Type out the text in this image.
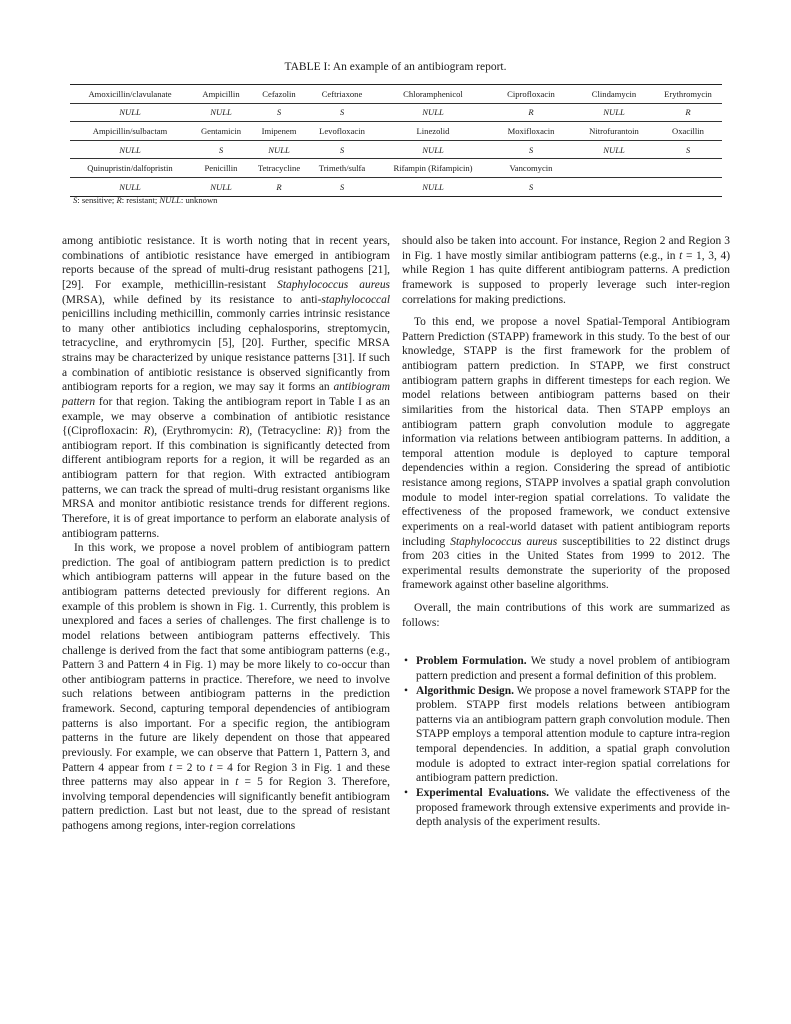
TABLE I: An example of an antibiogram report.
Amoxicillin/clavulanate	Ampicillin	Cefazolin	Ceftriaxone	Chloramphenicol	Ciprofloxacin	Clindamycin	Erythromycin
NULL	NULL	S	S	NULL	R	NULL	R
Ampicillin/sulbactam	Gentamicin	Imipenem	Levofloxacin	Linezolid	Moxifloxacin	Nitrofurantoin	Oxacillin
NULL	S	NULL	S	NULL	S	NULL	S
Quinupristin/dalfopristin	Penicillin	Tetracycline	Trimeth/sulfa	Rifampin (Rifampicin)	Vancomycin		
NULL	NULL	R	S	NULL	S		
S: sensitive; R: resistant; NULL: unknown

among antibiotic resistance. It is worth noting that in recent years, combinations of antibiotic resistance have emerged in antibiogram reports because of the spread of multi-drug resistant pathogens [21], [29]. For example, methicillin-resistant Staphylococcus aureus (MRSA), while defined by its resistance to anti-staphylococcal penicillins including methicillin, commonly carries intrinsic resistance to many other antibiotics including cephalosporins, streptomycin, tetracycline, and erythromycin [5], [20]. Further, specific MRSA strains may be characterized by unique resistance patterns [31]. If such a combination of antibiotic resistance is observed significantly from antibiogram reports for a region, we may say it forms an antibiogram pattern for that region. Taking the antibiogram report in Table I as an example, we may observe a combination of antibiotic resistance {(Ciprofloxacin: R), (Erythromycin: R), (Tetracycline: R)} from the antibiogram report. If this combination is significantly detected from different antibiogram reports for a region, it will be regarded as an antibiogram pattern for that region. With extracted antibiogram patterns, we can track the spread of multi-drug resistant organisms like MRSA and monitor antibiotic resistance trends for different regions. Therefore, it is of great importance to perform an elaborate analysis of antibiogram patterns.

In this work, we propose a novel problem of antibiogram pattern prediction. The goal of antibiogram pattern prediction is to predict which antibiogram patterns will appear in the future based on the antibiogram patterns detected previously for different regions. An example of this problem is shown in Fig. 1. Currently, this problem is unexplored and faces a series of challenges. The first challenge is to model relations between antibiogram patterns effectively. This challenge is derived from the fact that some antibiogram patterns (e.g., Pattern 3 and Pattern 4 in Fig. 1) may be more likely to co-occur than other antibiogram patterns in practice. Therefore, we need to involve such relations between antibiogram patterns in the prediction framework. Second, capturing temporal dependencies of antibiogram patterns is also important. For a specific region, the antibiogram patterns in the future are likely dependent on those that appeared previously. For example, we can observe that Pattern 1, Pattern 3, and Pattern 4 appear from t = 2 to t = 4 for Region 3 in Fig. 1 and these three patterns may also appear in t = 5 for Region 3. Therefore, involving temporal dependencies will significantly benefit antibiogram pattern prediction. Last but not least, due to the spread of resistant pathogens among regions, inter-region correlations

should also be taken into account. For instance, Region 2 and Region 3 in Fig. 1 have mostly similar antibiogram patterns (e.g., in t = 1, 3, 4) while Region 1 has quite different antibiogram patterns. A prediction framework is supposed to properly leverage such inter-region correlations for making predictions.

To this end, we propose a novel Spatial-Temporal Antibiogram Pattern Prediction (STAPP) framework in this study. To the best of our knowledge, STAPP is the first framework for the problem of antibiogram pattern prediction. In STAPP, we first construct antibiogram pattern graphs in different timesteps for each region. We model relations between antibiogram patterns based on their similarities from the historical data. Then STAPP employs an antibiogram pattern graph convolution module to aggregate information via relations between antibiogram patterns. In addition, a temporal attention module is deployed to capture temporal dependencies within a region. Considering the spread of antibiotic resistance among regions, STAPP involves a spatial graph convolution module to model inter-region spatial correlations. To validate the effectiveness of the proposed framework, we conduct extensive experiments on a real-world dataset with patient antibiogram reports including Staphylococcus aureus susceptibilities to 22 distinct drugs from 203 cities in the United States from 1999 to 2012. The experimental results demonstrate the superiority of the proposed framework against other baseline algorithms.

Overall, the main contributions of this work are summarized as follows:

• Problem Formulation. We study a novel problem of antibiogram pattern prediction and present a formal definition of this problem.
• Algorithmic Design. We propose a novel framework STAPP for the problem. STAPP first models relations between antibiogram patterns via an antibiogram pattern graph convolution module. Then STAPP employs a temporal attention module to capture intra-region temporal dependencies. In addition, a spatial graph convolution module is adopted to extract inter-region spatial correlations for antibiogram pattern prediction.
• Experimental Evaluations. We validate the effectiveness of the proposed framework through extensive experiments and provide in-depth analysis of the experiment results.
